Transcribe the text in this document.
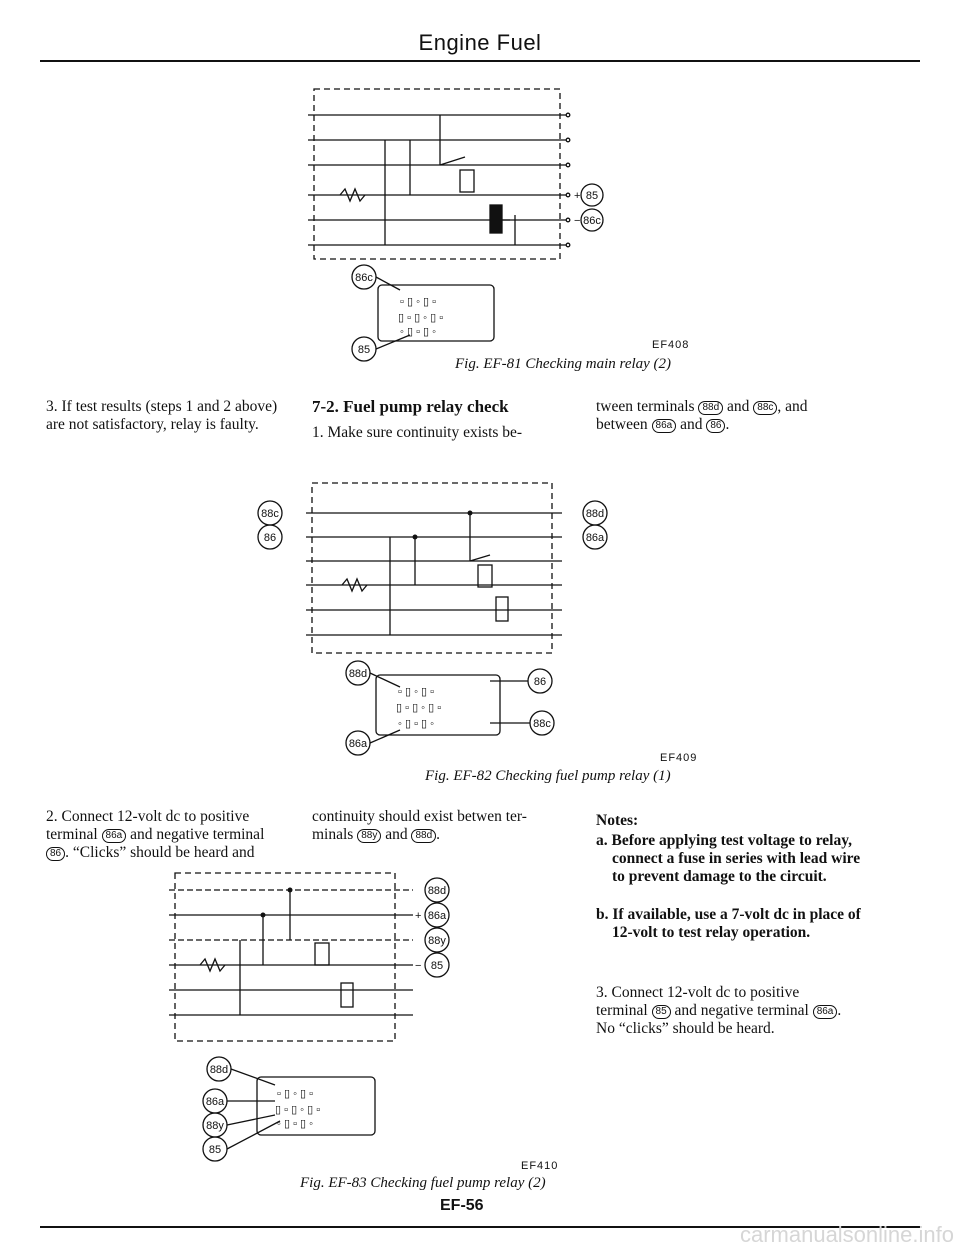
Engine Fuel
+
−
85
86c
86c
85
▫ ▯ ◦ ▯ ▫
▯ ▫ ▯ ◦ ▯ ▫
◦ ▯ ▫ ▯ ◦
EF408
Fig. EF-81 Checking main relay (2)
3. If test results (steps 1 and 2 above) are not satisfactory, relay is faulty.
7-2. Fuel pump relay check
1. Make sure continuity exists be-
tween terminals 88d and 88c , and
between 86a and 86 .
88c
86
88d
86a
88d
86
86a
88c
▫ ▯ ◦ ▯ ▫
▯ ▫ ▯ ◦ ▯ ▫
◦ ▯ ▫ ▯ ◦
EF409
Fig. EF-82 Checking fuel pump relay (1)
2. Connect 12-volt dc to positive terminal 86a and negative terminal 86 . “Clicks” should be heard and
continuity should exist betwen ter- minals 88y and 88d .
Notes:
a. Before applying test voltage to relay, connect a fuse in series with lead wire to prevent damage to the circuit.
b. If available, use a 7-volt dc in place of 12-volt to test relay operation.
3. Connect 12-volt dc to positive terminal 85 and negative terminal 86a . No “clicks” should be heard.
+
−
88d
86a
88y
85
88d
86a
88y
85
▫ ▯ ◦ ▯ ▫
▯ ▫ ▯ ◦ ▯ ▫
◦ ▯ ▫ ▯ ◦
EF410
Fig. EF-83 Checking fuel pump relay (2)
EF-56
carmanualsonline.info
